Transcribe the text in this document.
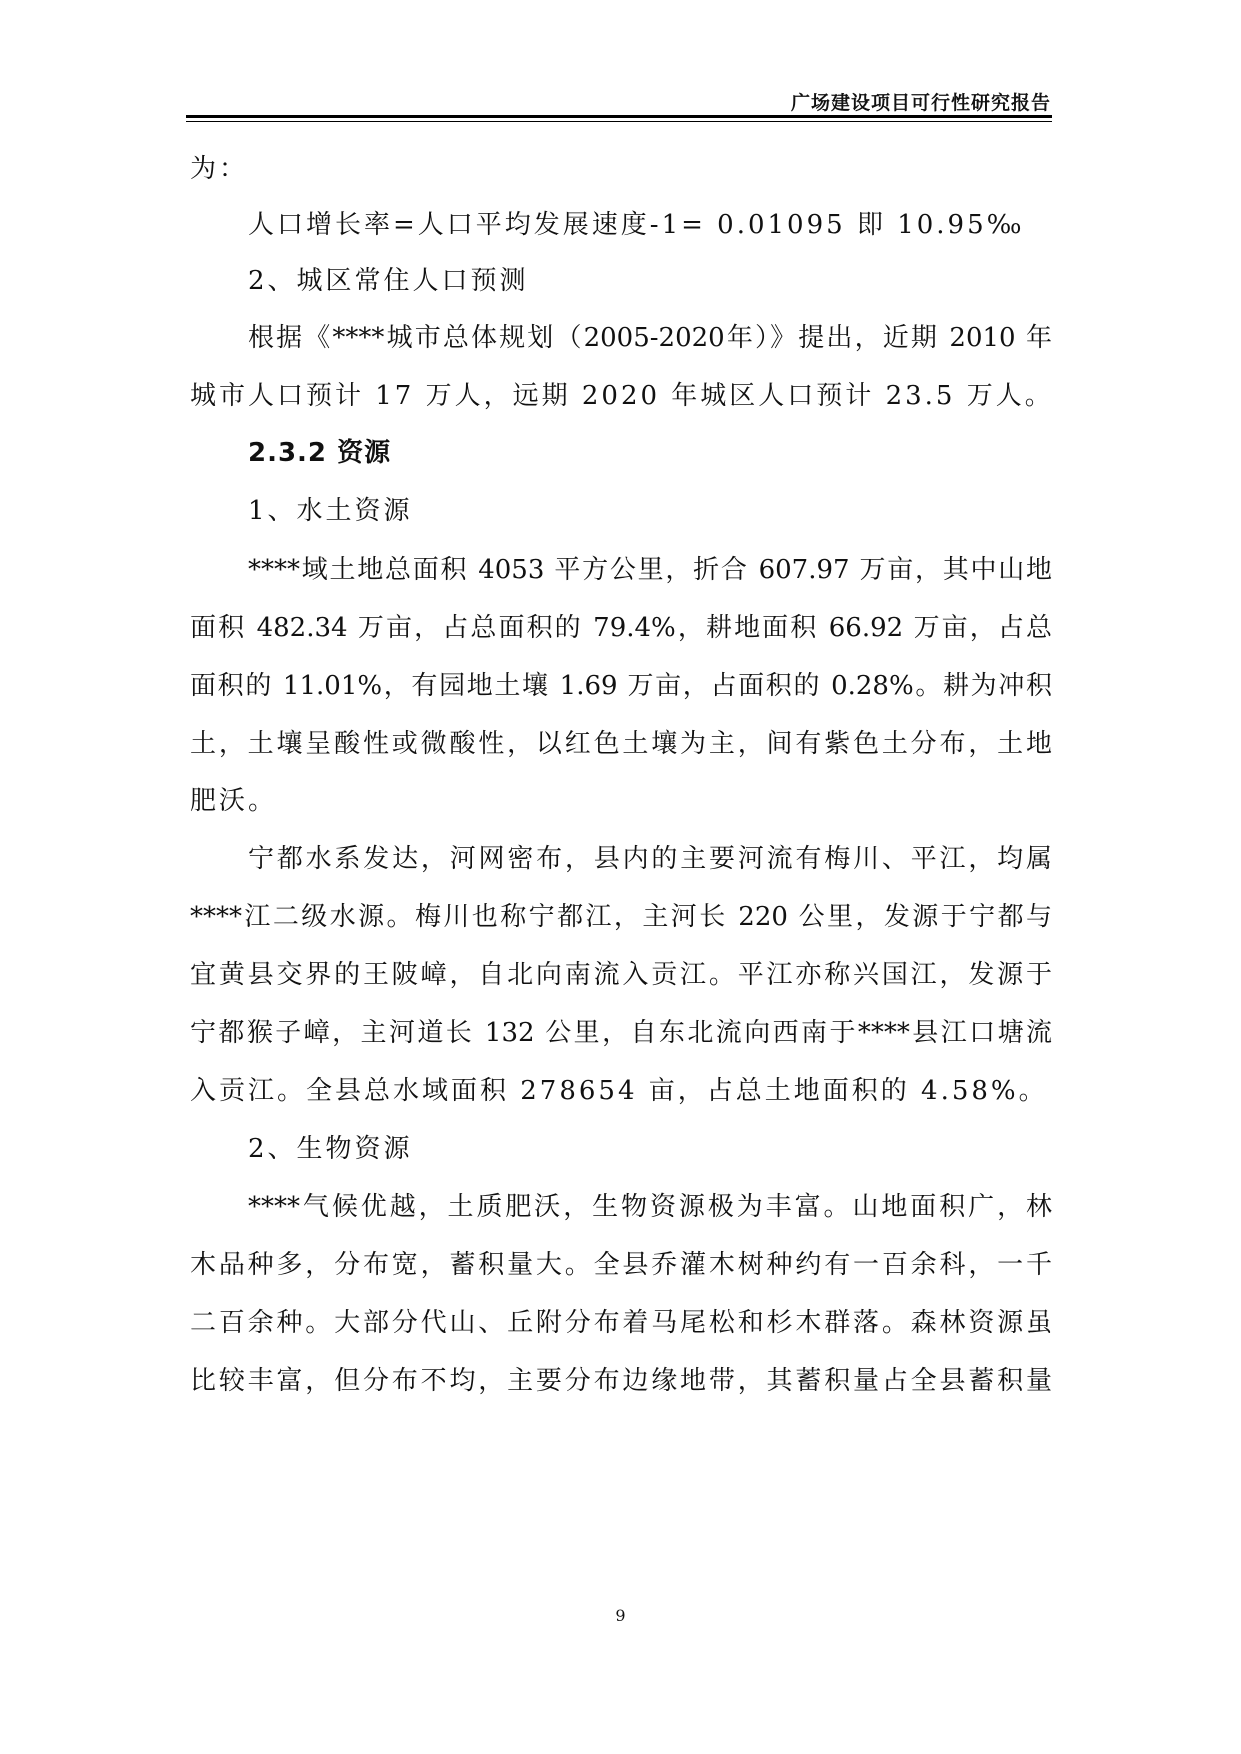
广场建设项目可行性研究报告
为：
人口增长率=人口平均发展速度-1= 0.01095 即 10.95‰
2、城区常住人口预测
根据《****城市总体规划（2005-2020年）》提出，近期 2010 年
城市人口预计 17 万人，远期 2020 年城区人口预计 23.5 万人。
2.3.2 资源
1、水土资源
****域土地总面积 4053 平方公里，折合 607.97 万亩，其中山地
面积 482.34 万亩，占总面积的 79.4%，耕地面积 66.92 万亩，占总
面积的 11.01%，有园地土壤 1.69 万亩，占面积的 0.28%。耕为冲积
土，土壤呈酸性或微酸性，以红色土壤为主，间有紫色土分布，土地
肥沃。
宁都水系发达，河网密布，县内的主要河流有梅川、平江，均属
****江二级水源。梅川也称宁都江，主河长 220 公里，发源于宁都与
宜黄县交界的王陂嶂，自北向南流入贡江。平江亦称兴国江，发源于
宁都猴子嶂，主河道长 132 公里，自东北流向西南于****县江口塘流
入贡江。全县总水域面积 278654 亩，占总土地面积的 4.58%。
2、生物资源
****气候优越，土质肥沃，生物资源极为丰富。山地面积广，林
木品种多，分布宽，蓄积量大。全县乔灌木树种约有一百余科，一千
二百余种。大部分代山、丘附分布着马尾松和杉木群落。森林资源虽
比较丰富，但分布不均，主要分布边缘地带，其蓄积量占全县蓄积量
9
